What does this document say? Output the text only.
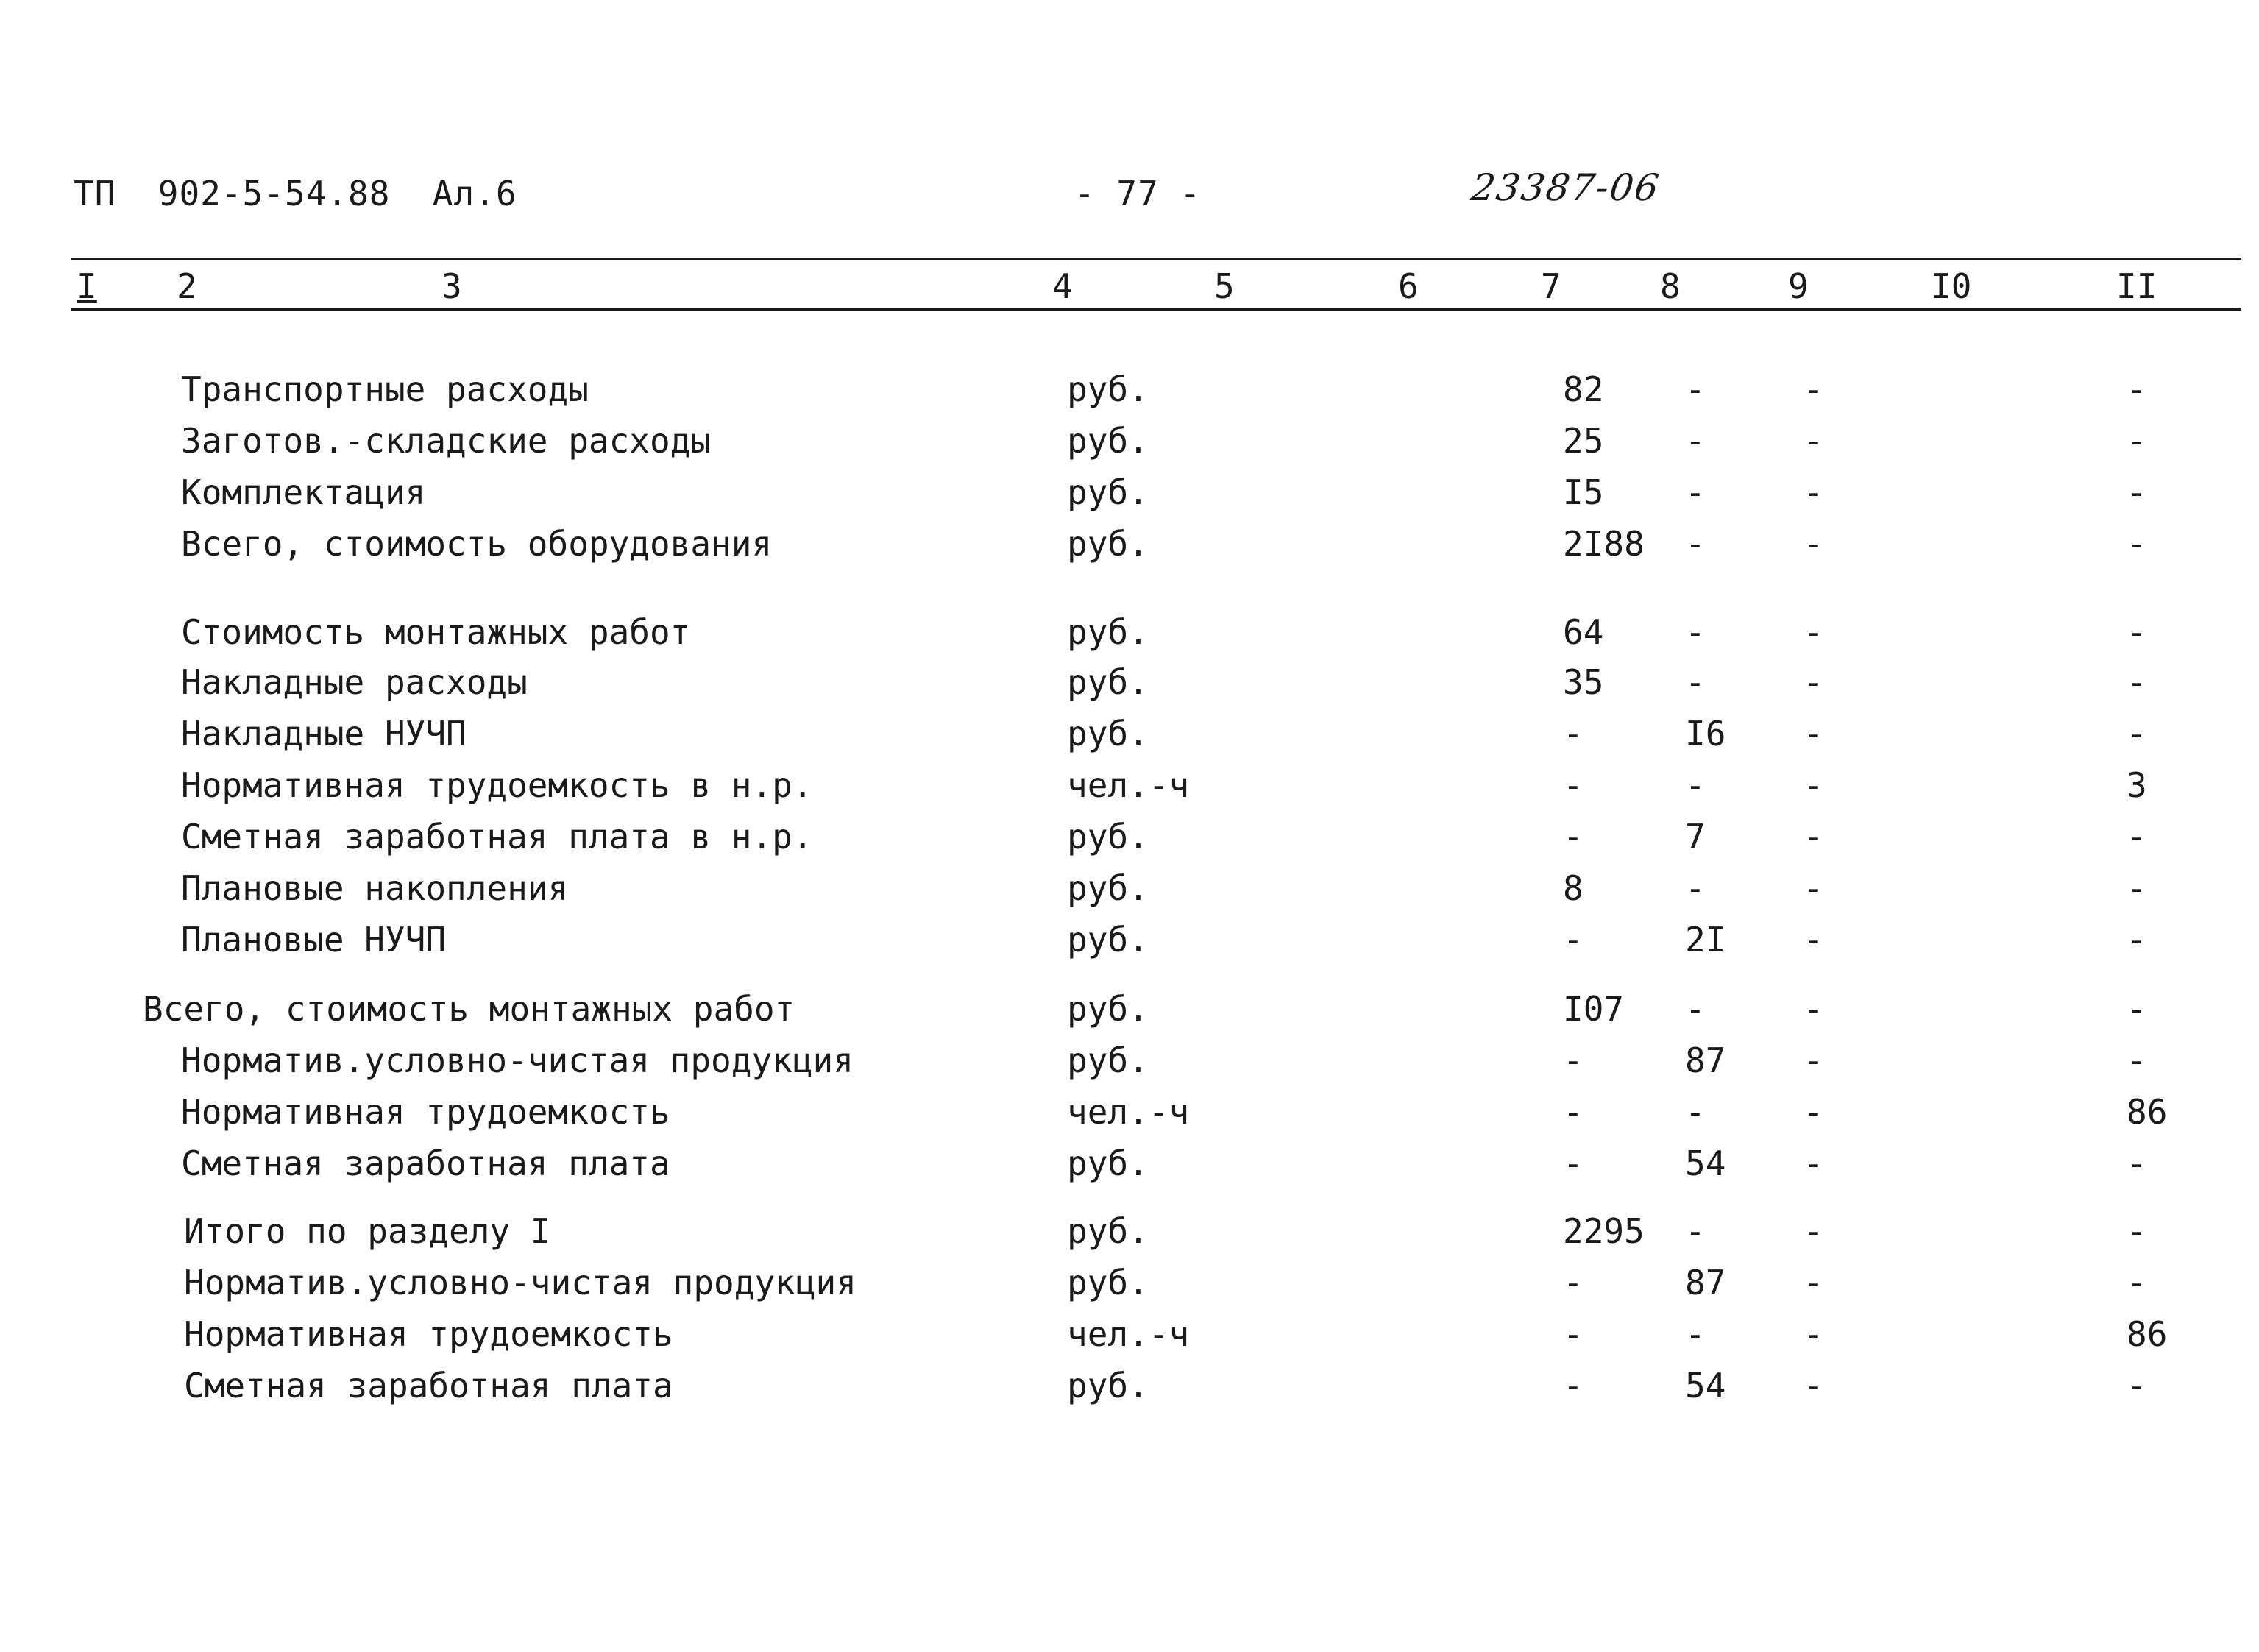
ТП  902-5-54.88  Ал.6	- 77 -	23387-06
I 2	3	4	5	6	7	8	9	I0	II
Транспортные расходы	руб.	82	-	-	-
Заготов.-складские расходы	руб.	25	-	-	-
Комплектация	руб.	I5	-	-	-
Всего, стоимость оборудования	руб.	2I88 -	-	-
Стоимость монтажных работ	руб.	64	-	-	-
Накладные расходы	руб.	35	-	-	-
Накладные НУЧП	руб.	-	I6	-	-
Нормативная трудоемкость в н.р.	чел.-ч	-	-	-	3
Сметная заработная плата в н.р.	руб.	-	7	-	-
Плановые накопления	руб.	8	-	-	-
Плановые НУЧП	руб.	-	2I	-	-
Всего, стоимость монтажных работ	руб.	I07	-	-	-
Норматив.условно-чистая продукция	руб.	-	87	-	-
Нормативная трудоемкость	чел.-ч	-	-	-	86
Сметная заработная плата	руб.	-	54	-	-
Итого по разделу I	руб.	2295 -	-	-
Норматив.условно-чистая продукция	руб.	-	87	-	-
Нормативная трудоемкость	чел.-ч	-	-	-	86
Сметная заработная плата	руб.	-	54	-	-
